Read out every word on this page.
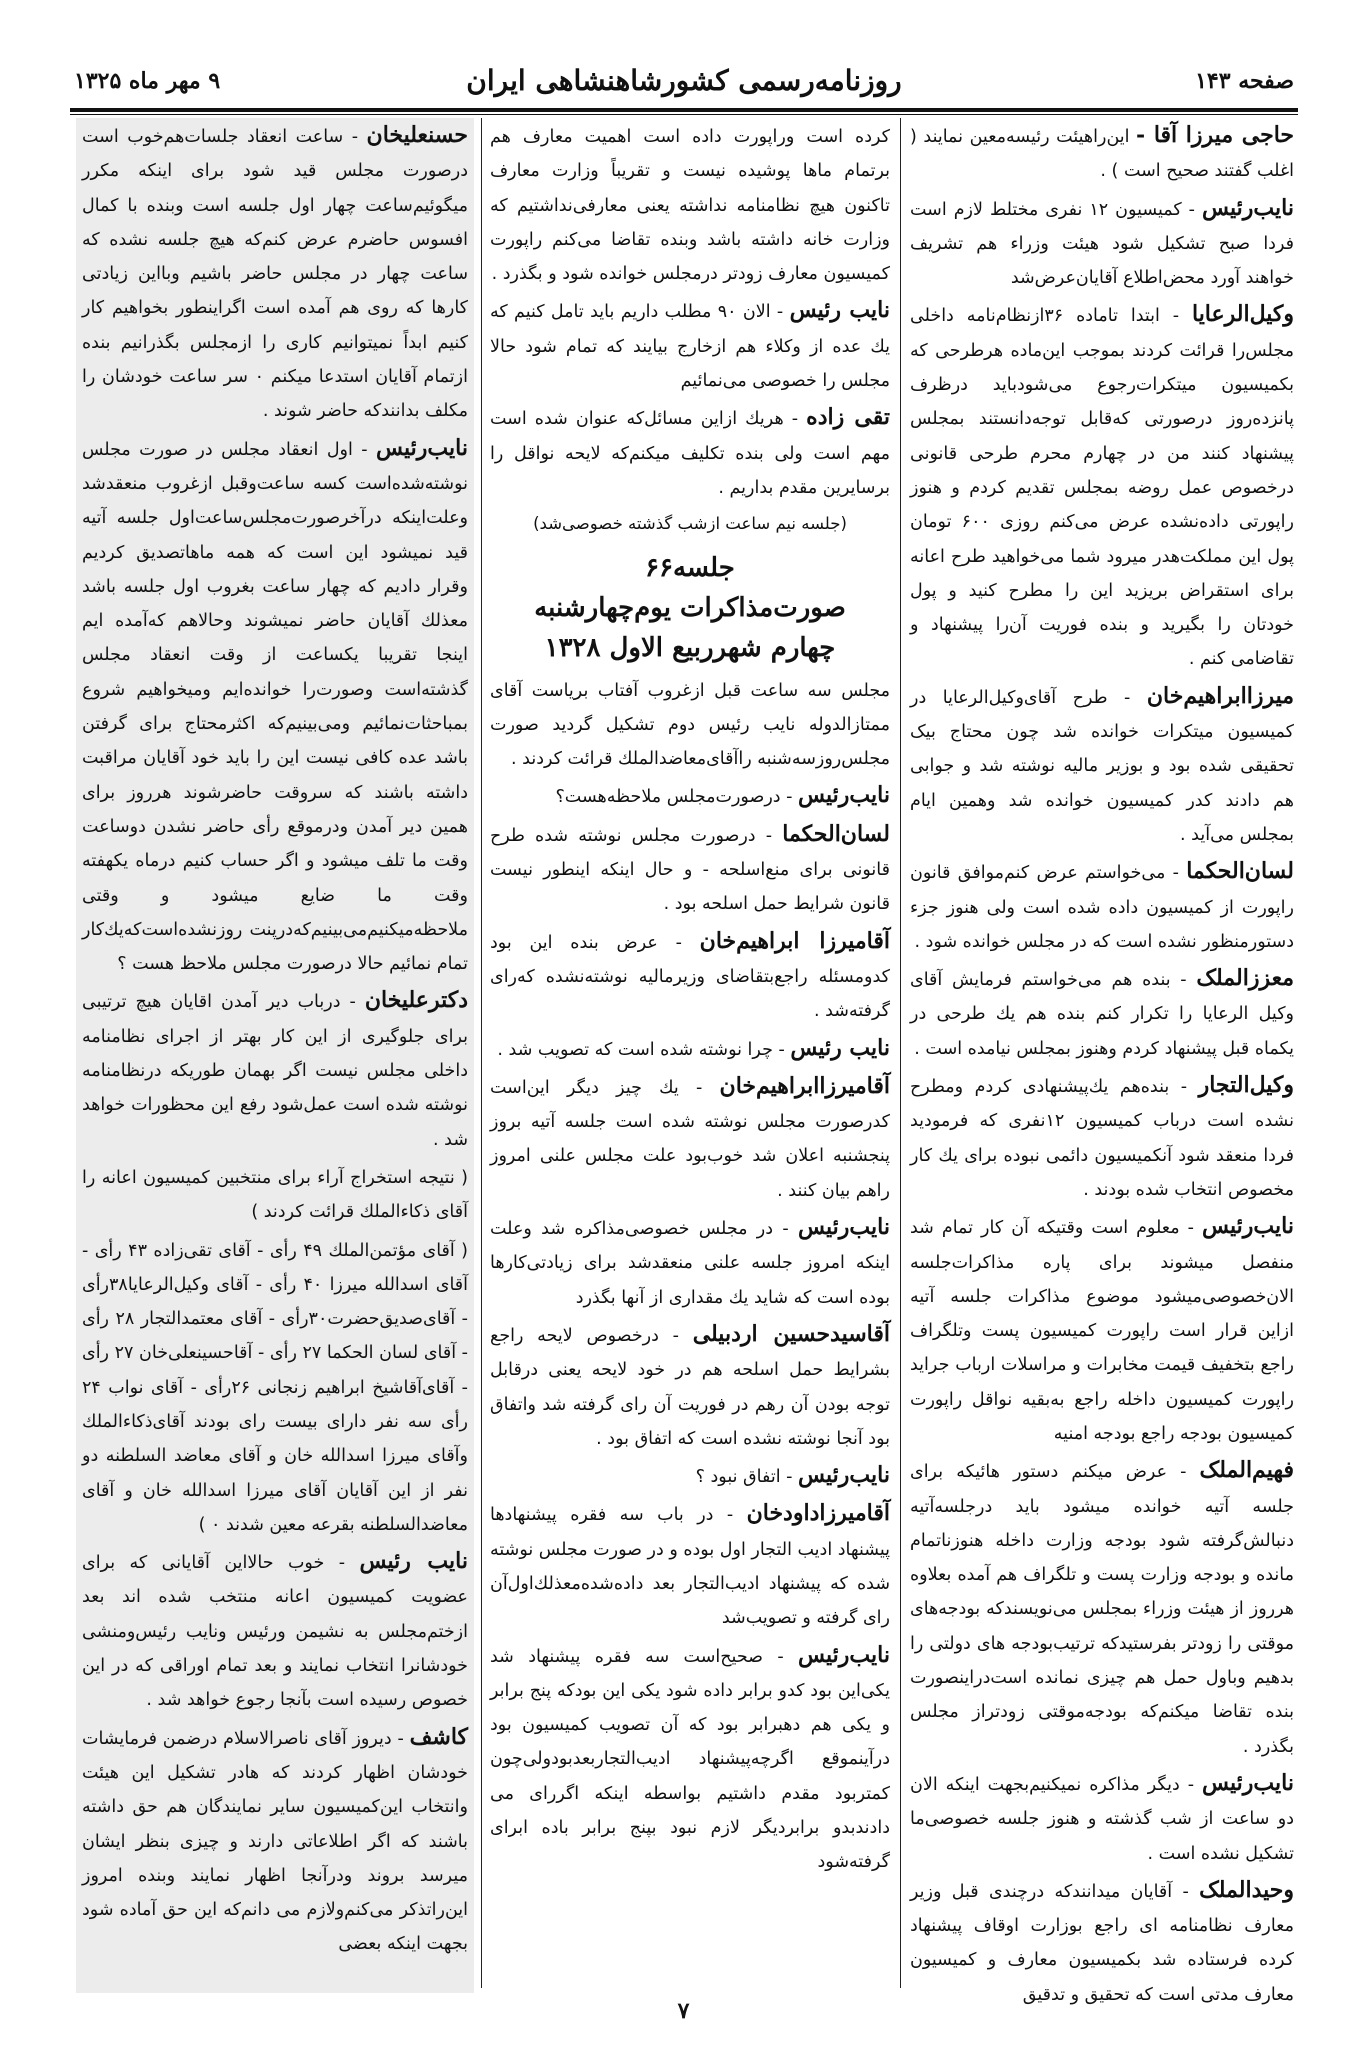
صفحه ۱۴۳
روزنامه‌رسمی کشورشاهنشاهی ایران
۹ مهر ماه ۱۳۲۵

حاجی میرزا آقا - این‌راهیئت رئیسه‌معین نمایند ( اغلب گفتند صحیح است ) .

نایب‌رئیس - کمیسیون ۱۲ نفری مختلط لازم است فردا صبح تشکیل شود هیئت وزراء هم تشریف خواهند آورد محض‌اطلاع آقایان‌عرض‌شد

وکیل‌الرعایا - ابتدا تاماده ۳۶ازنظام‌نامه داخلی مجلس‌را قرائت کردند بموجب این‌ماده هرطرحی که بکمیسیون میتکرات‌رجوع می‌شودباید درظرف پانزده‌روز درصورتی که‌قابل توجه‌دانستند بمجلس پیشنهاد کنند من در چهارم محرم طرحی قانونی درخصوص عمل روضه بمجلس تقدیم کردم و هنوز راپورتی داده‌نشده عرض می‌کنم روزی ۶۰۰ تومان پول این مملکت‌هدر میرود شما می‌خواهید طرح اعانه برای استقراض بریزید این را مطرح کنید و پول خودتان را بگیرید و بنده فوریت آن‌را پیشنهاد و تقاضامی کنم .

میرزاابراهیم‌خان - طرح آقای‌وکیل‌الرعایا در کمیسیون میتکرات خوانده شد چون محتاج بیک تحقیقی شده بود و بوزیر مالیه نوشته شد و جوابی هم دادند کدر کمیسیون خوانده شد وهمین ایام بمجلس می‌آید .

لسان‌الحکما - می‌خواستم عرض کنم‌موافق قانون راپورت از کمیسیون داده شده است ولی هنوز جزء دستورمنظور نشده است که در مجلس خوانده شود .

معززالملک - بنده هم می‌خواستم فرمایش آقای وکیل الرعایا را تکرار کنم بنده هم یك طرحی در یکماه قبل پیشنهاد کردم وهنوز بمجلس نیامده است .

وکیل‌التجار - بنده‌هم یك‌پیشنهادی کردم ومطرح نشده است درباب کمیسیون ۱۲نفری که فرمودید فردا منعقد شود آنکمیسیون دائمی نبوده برای یك کار مخصوص انتخاب شده بودند .

نایب‌رئیس - معلوم است وقتیکه آن کار تمام شد منفصل میشوند برای پاره مذاکرات‌جلسه الان‌خصوصی‌میشود موضوع مذاکرات جلسه آتیه ازاین قرار است راپورت کمیسیون پست وتلگراف راجع بتخفیف قیمت مخابرات و مراسلات ارباب جراید راپورت کمیسیون داخله راجع به‌بقیه نواقل راپورت کمیسیون بودجه راجع بودجه امنیه

فهیم‌الملک - عرض میکنم دستور هائیکه برای جلسه آتیه خوانده میشود باید درجلسه‌آتیه دنبالش‌گرفته شود بودجه وزارت داخله هنوزناتمام مانده و بودجه وزارت پست و تلگراف هم آمده بعلاوه هرروز از هیئت وزراء بمجلس می‌نویسندکه بودجه‌های موقتی را زودتر بفرستیدکه ترتیب‌بودجه های دولتی را بدهیم وباول حمل هم چیزی نمانده است‌دراینصورت بنده تقاضا میکنم‌که بودجه‌موقتی زودتر‌از مجلس بگذرد .

نایب‌رئیس - دیگر مذاکره نمیکنیم‌بجهت اینکه الان دو ساعت از شب گذشته و هنوز جلسه خصوصی‌ما تشکیل نشده است .

وحیدالملک - آقایان میدانندکه درچندی قبل وزیر معارف نظامنامه ای راجع بوزارت اوقاف پیشنهاد کرده فرستاده شد بکمیسیون معارف و کمیسیون معارف مدتی است که تحقیق و تدقیق

کرده است وراپورت داده است اهمیت معارف هم برتمام ماها پوشیده نیست و تقریباً وزارت معارف تاکنون هیچ نظامنامه نداشته یعنی معارفی‌نداشتیم که وزارت خانه داشته باشد وبنده تقاضا می‌کنم راپورت کمیسیون معارف زودتر درمجلس خوانده شود و بگذرد .

نایب رئیس - الان ۹۰ مطلب داریم باید تامل کنیم که یك عده‌ از وکلاء هم ازخارج بیایند که تمام شود حالا مجلس را خصوصی می‌نمائیم

تقی زاده - هريك ازاین مسائل‌که عنوان شده است مهم است ولی بنده تکلیف میکنم‌که لایحه نواقل را برسایرین مقدم بداریم .

(جلسه نیم ساعت ازشب گذشته خصوصی‌شد)

جلسه۶۶
صورت‌مذاکرات یوم‌چهارشنبه
چهارم شهرربیع الاول ۱۳۲۸

مجلس سه ساعت قبل ازغروب آفتاب بریاست آقای ممتازالدوله نایب رئیس دوم تشکیل گردید صورت مجلس‌روزسه‌شنبه راآقای‌معاضدالملك قرائت کردند .

نایب‌رئیس - درصورت‌مجلس ملاحظه‌هست؟

لسان‌الحکما - درصورت مجلس نوشته شده طرح قانونی برای منع‌اسلحه - و حال اینکه اینطور نیست قانون شرایط حمل اسلحه بود .

آقامیرزا ابراهیم‌خان - عرض بنده این بود کدومسئله راجع‌بتقاضای وزیرمالیه نوشته‌نشده که‌رای گرفته‌شد .

نایب رئیس - چرا نوشته شده است که تصویب شد .

آقامیرزاابراهیم‌خان - يك چيز ديگر این‌است کدرصورت مجلس نوشته شده است جلسه آتیه بروز پنجشنبه اعلان شد خوب‌بود علت مجلس علنی امروز راهم بیان کنند .

نایب‌رئیس - در مجلس خصوصی‌مذاکره شد وعلت اینکه امروز جلسه علنی منعقدشد برای زیادتی‌کارها بوده است که شاید يك مقداری از آنها بگذرد

آقاسیدحسین اردبیلی - درخصوص لایحه راجع بشرایط حمل اسلحه هم در خود لایحه یعنی درقابل توجه بودن آن رهم در فوریت آن رای گرفته شد واتفاق بود آنجا نوشته نشده است که اتفاق بود .

نایب‌رئیس - اتفاق نبود ؟

آقامیرزاداودخان - در باب سه فقره پیشنهادها پیشنهاد ادیب التجار اول بوده و در صورت مجلس نوشته شده که پیشنهاد ادیب‌التجار بعد داده‌شده‌معذلك‌اول‌آن رای گرفته و تصویب‌شد

نایب‌رئیس - صحیح‌است سه فقره پیشنهاد شد یکی‌این بود کدو برابر داده شود یکی این بودکه پنج برابر و یکی هم دهبرابر بود که آن تصویب کمیسیون بود درآینموقع اگرچه‌پیشنهاد ادیب‌التجاربعدبودولی‌چون کمتربود مقدم داشتیم بواسطه اینکه اگررای می دادندبدو برابردیگر لازم نبود بپنج برابر باده ابرای گرفته‌شود

حسنعلیخان - ساعت انعقاد جلسات‌هم‌خوب است درصورت مجلس قید شود برای اینکه مکرر میگوئیم‌ساعت چهار اول جلسه است وبنده با کمال افسوس حاضرم عرض کنم‌که هیچ جلسه نشده که ساعت چهار در مجلس حاضر باشیم وبااین زیادتی کارها که روی هم آمده است اگراینطور بخواهیم کار کنیم ابداً نمیتوانیم کاری را ازمجلس بگذرانیم بنده ازتمام آقایان استدعا میکنم ۰ سر ساعت خودشان را مکلف بدانندکه حاضر شوند .

نایب‌رئیس - اول انعقاد مجلس در صورت مجلس نوشته‌شده‌است کسه ساعت‌وقبل ازغروب منعقدشد وعلت‌اینکه درآخرصورت‌مجلس‌ساعت‌اول جلسه آتیه قید نمیشود این است که همه ماها‌تصدیق کردیم وقرار دادیم که چهار ساعت بغروب اول جلسه باشد معذلك آقایان حاضر نمیشوند وحالاهم که‌آمده ایم اینجا تقریبا یکساعت از وقت انعقاد مجلس گذشته‌است وصورت‌را خوانده‌ایم ومیخواهیم شروع بمباحثات‌نمائیم ومی‌بینیم‌که اکثرمحتاج برای گرفتن باشد عده کافی نیست این را باید خود آقایان مراقبت داشته باشند که سروقت حاضرشوند هرروز برای همین دیر آمدن ودرموقع رأی حاضر نشدن دوساعت وقت ما تلف میشود و اگر حساب کنیم درماه یکهفته وقت ما ضایع میشود و وقتی ملاحظه‌میکنیم‌می‌بینیم‌که‌درپنت روزنشده‌است‌که‌یك‌کار تمام نمائیم حالا درصورت مجلس ملاحظ هست ؟

دکترعلیخان - درباب دیر آمدن اقایان هیچ ترتیبی برای جلوگیری از این کار بهتر از اجرای نظامنامه داخلی مجلس نیست اگر بهمان طوریکه درنظامنامه نوشته شده است عمل‌شود رفع این محظورات خواهد شد .

( نتیجه استخراج آراء برای منتخبین کمیسیون اعانه را آقای ذکاءالملك قرائت کردند )

( آقای مؤتمن‌الملك ۴۹ رأی - آقای تقی‌زاده ۴۳ رأی - آقای اسدالله میرزا ۴۰ رأی - آقای وکیل‌الرعایا۳۸رأی - آقای‌صدیق‌حضرت۳۰رأی - آقای معتمدالتجار ۲۸ رأی - آقای لسان الحکما ۲۷ رأی - آقاحسینعلی‌خان ۲۷ رأی - آقای‌آقاشیخ ابراهیم زنجانی ۲۶رأی - آقای نواب ۲۴ رأی سه نفر دارای بیست رای بودند آقای‌ذکاءالملك وآقای میرزا اسدالله خان و آقای معاضد السلطنه دو نفر از این آقایان آقای میرزا اسدالله خان و آقای معاضدالسلطنه بقرعه معین شدند ۰ )

نایب رئیس - خوب حالااین آقایانی که برای عضویت کمیسیون اعانه منتخب شده اند بعد ازختم‌مجلس به نشیمن ورئیس ونایب رئیس‌ومنشی خودشانرا انتخاب نمایند و بعد تمام اوراقی که در این خصوص رسیده است بآنجا رجوع خواهد شد .

کاشف - دیروز آقای ناصرالاسلام درضمن فرمایشات خودشان اظهار کردند که هادر تشکیل این هیئت وانتخاب این‌کمیسیون سایر نمایندگان هم حق داشته باشند که اگر اطلاعاتی دارند و چیزی بنظر ایشان میرسد بروند ودرآنجا اظهار نمایند وبنده امروز این‌راتذکر می‌کنم‌ولازم می دانم‌که این حق آماده شود بجهت اینکه بعضی

۷
